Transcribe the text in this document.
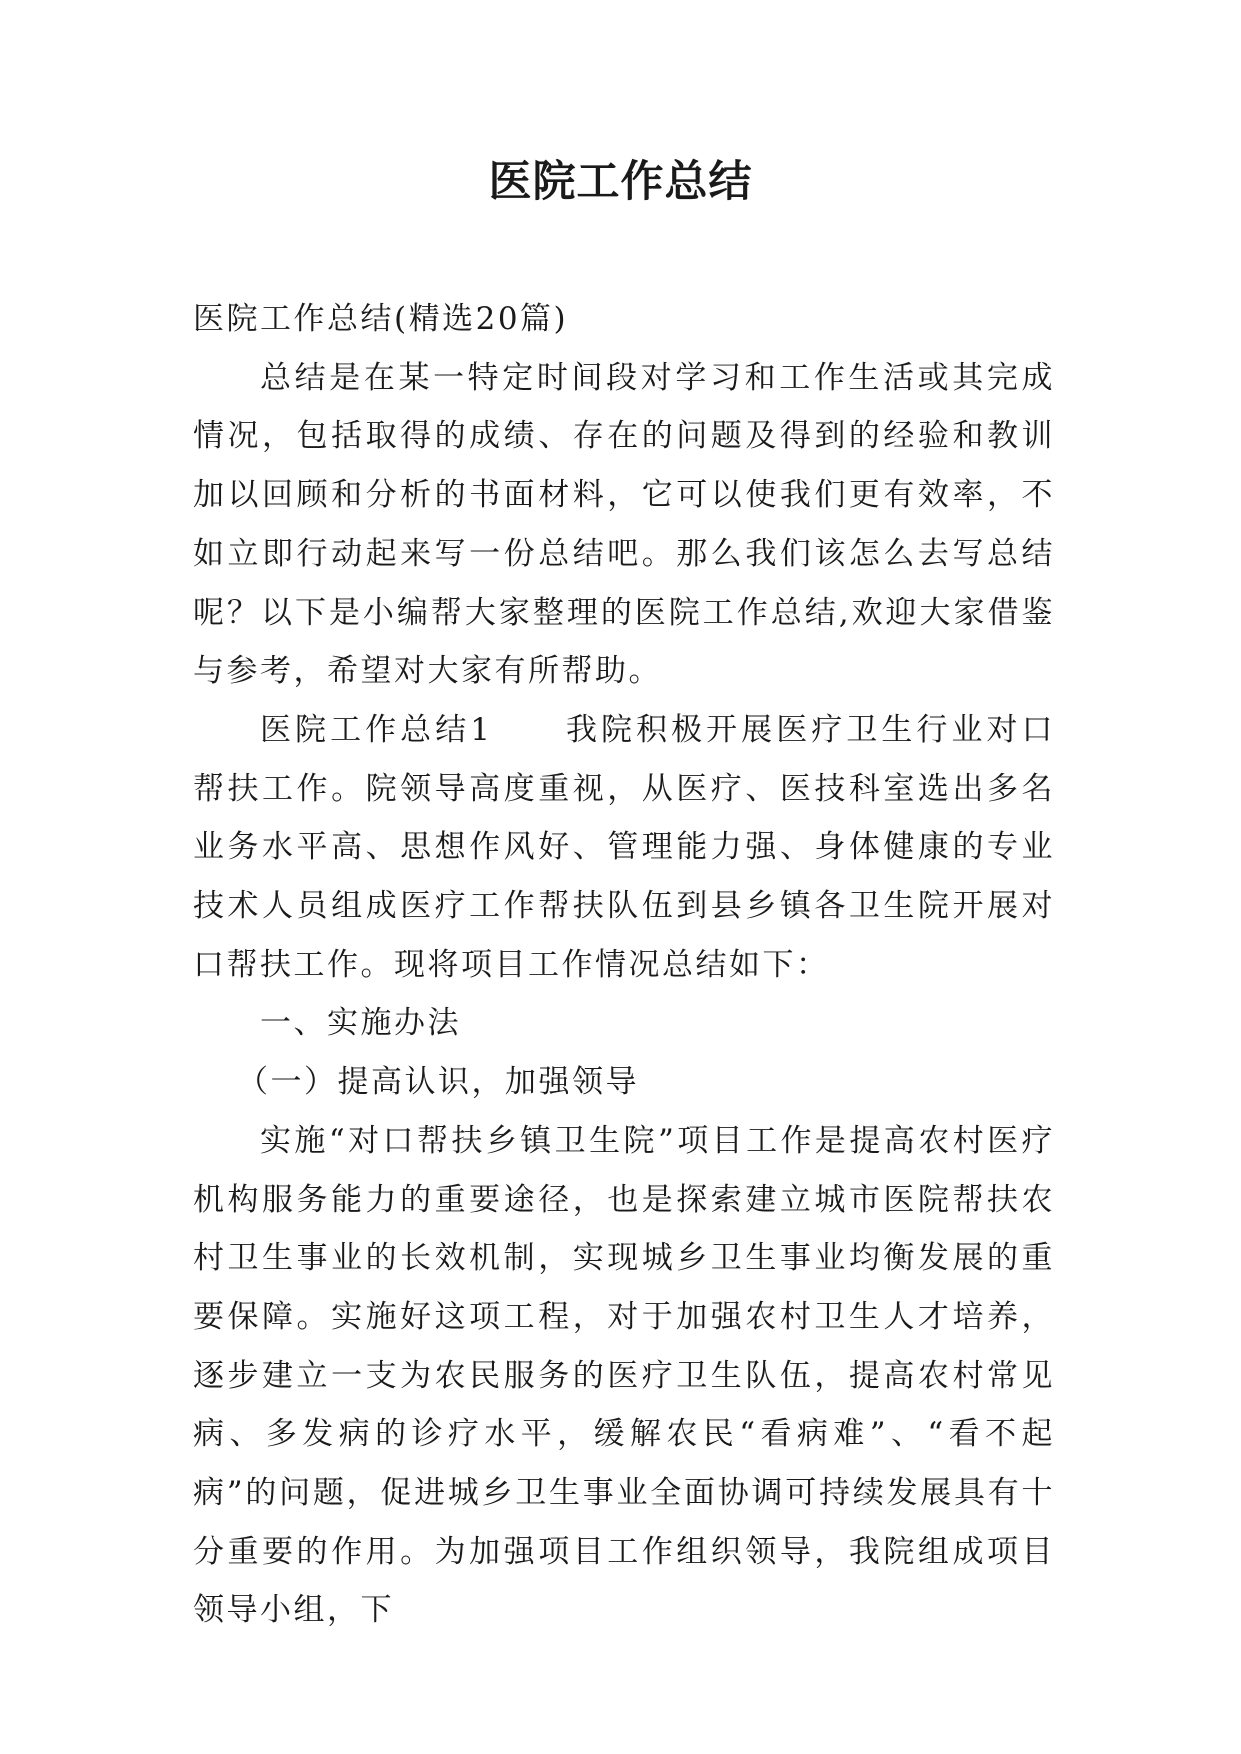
医院工作总结

医院工作总结(精选20篇)

总结是在某一特定时间段对学习和工作生活或其完成情况，包括取得的成绩、存在的问题及得到的经验和教训加以回顾和分析的书面材料，它可以使我们更有效率，不如立即行动起来写一份总结吧。那么我们该怎么去写总结呢？以下是小编帮大家整理的医院工作总结,欢迎大家借鉴与参考，希望对大家有所帮助。

医院工作总结1 我院积极开展医疗卫生行业对口帮扶工作。院领导高度重视，从医疗、医技科室选出多名业务水平高、思想作风好、管理能力强、身体健康的专业技术人员组成医疗工作帮扶队伍到县乡镇各卫生院开展对口帮扶工作。现将项目工作情况总结如下：

一、实施办法

（一）提高认识，加强领导

实施“对口帮扶乡镇卫生院”项目工作是提高农村医疗机构服务能力的重要途径，也是探索建立城市医院帮扶农村卫生事业的长效机制，实现城乡卫生事业均衡发展的重要保障。实施好这项工程，对于加强农村卫生人才培养，逐步建立一支为农民服务的医疗卫生队伍，提高农村常见病、多发病的诊疗水平，缓解农民“看病难”、“看不起病”的问题，促进城乡卫生事业全面协调可持续发展具有十分重要的作用。为加强项目工作组织领导，我院组成项目领导小组，下
